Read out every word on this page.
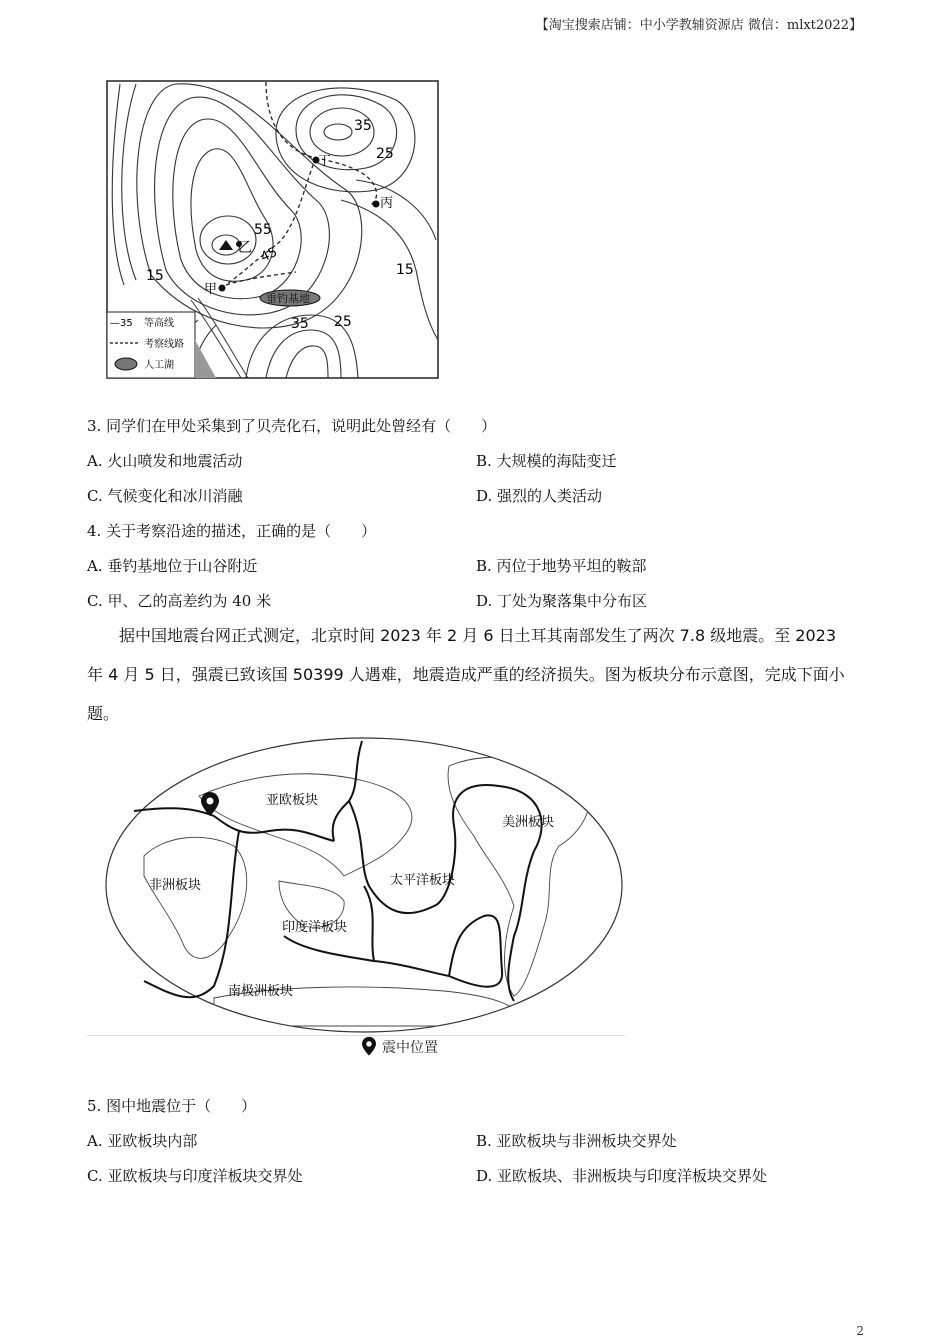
【淘宝搜索店铺：中小学教辅资源店 微信：mlxt2022】
甲
乙
丙
丁
垂钓基地
55
45
35
25
15	15
35 25
—35 等高线
考察线路
人工湖
3. 同学们在甲处采集到了贝壳化石，说明此处曾经有（　　）
A. 火山喷发和地震活动	B. 大规模的海陆变迁
C. 气候变化和冰川消融	D. 强烈的人类活动
4. 关于考察沿途的描述，正确的是（　　）
A. 垂钓基地位于山谷附近	B. 丙位于地势平坦的鞍部
C. 甲、乙的高差约为 40 米	D. 丁处为聚落集中分布区
据中国地震台网正式测定，北京时间 2023 年 2 月 6 日土耳其南部发生了两次 7.8 级地震。至 2023 年 4 月 5 日，强震已致该国 50399 人遇难，地震造成严重的经济损失。图为板块分布示意图，完成下面小题。
亚欧板块
美洲板块
非洲板块	太平洋板块
印度洋板块
南极洲板块
震中位置
5. 图中地震位于（　　）
A. 亚欧板块内部	B. 亚欧板块与非洲板块交界处
C. 亚欧板块与印度洋板块交界处	D. 亚欧板块、非洲板块与印度洋板块交界处
2
